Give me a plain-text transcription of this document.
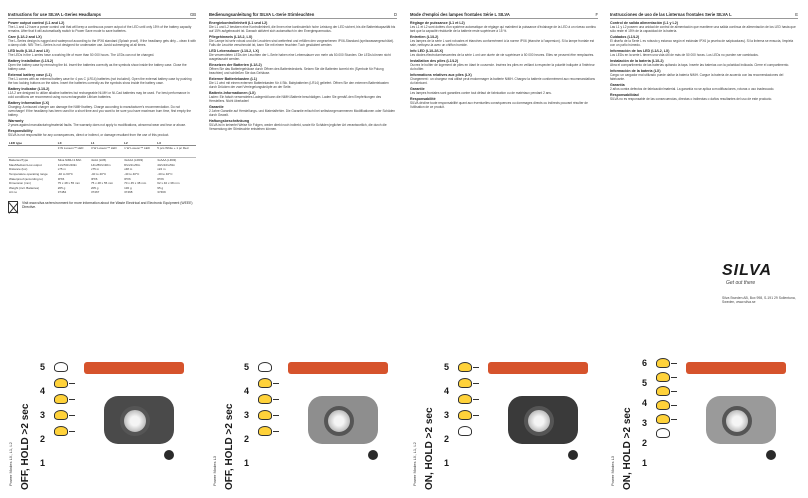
Instructions for use SILVA L-Series Headlamps	GB
Power output control (L1 and L2)
The L1 and L2 have a power control unit that will keep a continuous power output of the LED until only 15% of the battery capacity remains. After that it will automatically switch to Power Save mode to save batteries.
Care (L1/L2 and LX)
The L-Series design is rugged and waterproof according to the IPX6 standard (Splash proof). If the headlamp gets dirty – clean it with a damp cloth. NB! The L-Series is not designed for underwater use. Avoid submerging at all times.
LED bulb (L1/L2 and LX)
The LEDs in the L-series have a working life of more than 50 000 hours. The LEDs can not be changed.
Battery installation (L1/L2)
Open the battery case by removing the lid. Insert the batteries correctly as the symbols show inside the battery case. Close the battery case.
External battery case (L1)
The L1 comes with an external battery case for 4 pcs C (LR14) batteries (not included). Open the external battery case by pushing the two locking buttons on the sides. Insert the batteries correctly as the symbols show inside the battery case.
Battery indicator (L1/L2)
L1/L2 are designed to utilize alkaline batteries but rechargeable Ni-MH or Ni-Cad batteries may be used. For best performance in cold conditions we recommend using non-rechargeable Lithium batteries.
Battery information (LX)
Charging: A misused charger can damage the NiMH battery. Charge according to manufacturer's recommendation. Do not overcharge! If the headlamp has been used for a short time and you want to be sure you have maximum burn time, first empty the battery.
Warranty
2 years against manufacturing/material faults. The warranty does not apply to modifications, abnormal wear and tear or abuse.
Responsibility
SILVA is not responsible for any consequences, direct or indirect, or damage resultant from the use of this product.
LED type	LX	L1	L2	L3
	3 W Luxeon™ LED	3 W Luxeon™ LED	1 W Luxeon™ LED	5 pcs White + 1 pc Red
Batteries/Type	Silva NiMH 4.8Ah	4xAA (LR6)	3xAAA (LR03)	3xAAA (LR03)
Max/Medium/Low output	11/x/50/x/40lm	14/x/80/x/40lm	8/x/21/x/6lm	40/x/10/x/6lm
Distance (lux)	x75 m	x75 m	x48 m	x22 m
Temperature operating range	-40 to 60°C	-40 to 40°C	-40 to 40°C	-40 to 40°C
Waterproof (according to)	IPX6	IPX6	IPX6	IPX6
Dimension (mm)	75 x 48 x 55 mm	75 x 48 x 55 mm	70 x 45 x 38 mm	62 x 40 x 38 mm
Weight (incl. Batteries)	265 g	205 g	130 g	95 g
Art no	37484	37467	37468	37469
Visit www.silva.se/environment for more information about the Waste Electrical and Electronic Equipment (WEEE) Directive.
Bedienungsanleitung für SILVA L-Serie Stirnleuchten	D
Energiekontrolleinheit (L1 und L2)
Die L1 und L2 besitzen eine Kontrolleinheit, die Ihnen eine kontinuierlich hohe Leistung der LED sichert, bis die Batteriekapazität bis auf 15% aufgebraucht ist. Danach aktiviert sich automatisch in den Energiesparmodus.
Pflegehinweis (L1/L2, LX)
Die Lampe ist sehr robust und die Leuchten sind wetterfest und erfüllen den vorgesehenen IPX6-Standard (spritzwassergeschützt). Falls die Leuchte verschmutzt ist, kann Sie mit einem feuchten Tuch gesäubert werden.
LED Lebensdauer (L1/L2, LX)
Die verwendeten LEDs der Leuchten der L-Serie haben eine Lebensdauer von mehr als 50.000 Stunden. Die LEDs können nicht ausgetauscht werden.
Einsetzen der Batterien (L1/L2)
Öffnen Sie das Batteriegehäuse durch Öffnen des Batteriedeckels. Setzen Sie die Batterien korrekt ein (Symbole für Polung beachten) und schließen Sie das Gehäuse.
Externer Batteriekasten (L1)
Die L1 wird mit einem externen Batteriekasten für 4 Stk. Babybatterien (LR14) geliefert. Öffnen Sie den externen Batteriekasten durch Drücken der zwei Verriegelungsknöpfe an der Seite.
Batterie-Informationen (LX)
Laden: Ein falsch verwendetes Ladegerät kann die NiMH-Batterie beschädigen. Laden Sie gemäß den Empfehlungen des Herstellers. Nicht überladen!
Garantie
2 Jahre Garantie auf Herstellungs- und Materialfehler. Die Garantie erlischt bei selbstvorgenommenen Modifikationen oder Schäden durch Gewalt.
Haftungsbeschränkung
SILVA ist in keinerlei Weise für Folgen, weder direkt noch indirekt, sowie für Schäden jeglicher Art verantwortlich, die durch die Verwendung der Stirnleuchte entstehen können.
Mode d'emploi des lampes frontales Série L SILVA	F
Réglage de puissance (L1 et L2)
Les L1 et L2 sont dotées d'un système automatique de réglage qui maintient la puissance d'éclairage de la LED à un niveau continu tant que la capacité résiduelle de la batterie reste supérieure à 15 %.
Entretien (L1/L2)
Les lampes de la série L sont robustes et étanches conformément à la norme IPX6 (étanche à l'aspersion). Si la lampe frontale est sale, nettoyez-la avec un chiffon humide.
Info LED (L1/L2/LX)
Les diodes électroluminescentes de la série L ont une durée de vie supérieure à 50 000 heures. Elles ne peuvent être remplacées.
Installation des piles (L1/L2)
Ouvrez le boîtier de logement de piles en ôtant le couvercle. Insérez les piles en veillant à respecter la polarité indiquée à l'intérieur du boîtier.
Informations relatives aux piles (LX)
Chargement : un chargeur mal utilisé peut endommager la batterie NiMH. Chargez la batterie conformément aux recommandations du fabricant.
Garantie
Les lampes frontales sont garanties contre tout défaut de fabrication ou de matériaux pendant 2 ans.
Responsabilité
SILVA décline toute responsabilité quant aux éventuelles conséquences ou dommages directs ou indirects pouvant résulter de l'utilisation de ce produit.
Instrucciones de uso de las Linternas frontales Serie SILVA L	E
Control de salida alimentación (L1 y L2)
Las L1 y L2 poseen una unidad de control de alimentación que mantiene una salida continua de alimentación de los LED hasta que sólo reste el 15% de la capacidad de la batería.
Cuidados (L1/L2)
El diseño de la Serie L es robusto y estanco según el estándar IPX6 (a prueba de salpicaduras). Si la linterna se ensucia, límpiela con un paño húmedo.
Información de los LED (L1/L2, LX)
Los LEDs en la serie L tienen una vida útil de más de 50 000 horas. Los LEDs no pueden ser cambiados.
Instalación de la batería (L1/L2)
Abra el compartimento de las baterías quitando la tapa. Inserte las baterías con la polaridad indicada. Cierre el compartimento.
Información de la batería (LX)
Carga: un cargador mal utilizado puede dañar la batería NiMH. Cargue la batería de acuerdo con las recomendaciones del fabricante.
Garantía
2 años contra defectos de fabricación/material. La garantía no se aplica a modificaciones, roturas o uso inadecuado.
Responsabilidad
SILVA no es responsable de las consecuencias, directas o indirectas o daños resultantes del uso de este producto.
SILVA
Get out there
Silva Sweden AB, Box 998, S-191 29 Sollentuna, Sweden, www.silva.se
Power Modes LX, L1, L2 OFF, HOLD >2 sec
5
4
3
2
1	Power Modes L3 OFF, HOLD >2 sec
5
4
3
2
1	Power Modes LX, L1, L2 ON, HOLD >2 sec
5
4
3
2
1	Power Modes L3 ON, HOLD >2 sec
6
5
4
3
2
1
